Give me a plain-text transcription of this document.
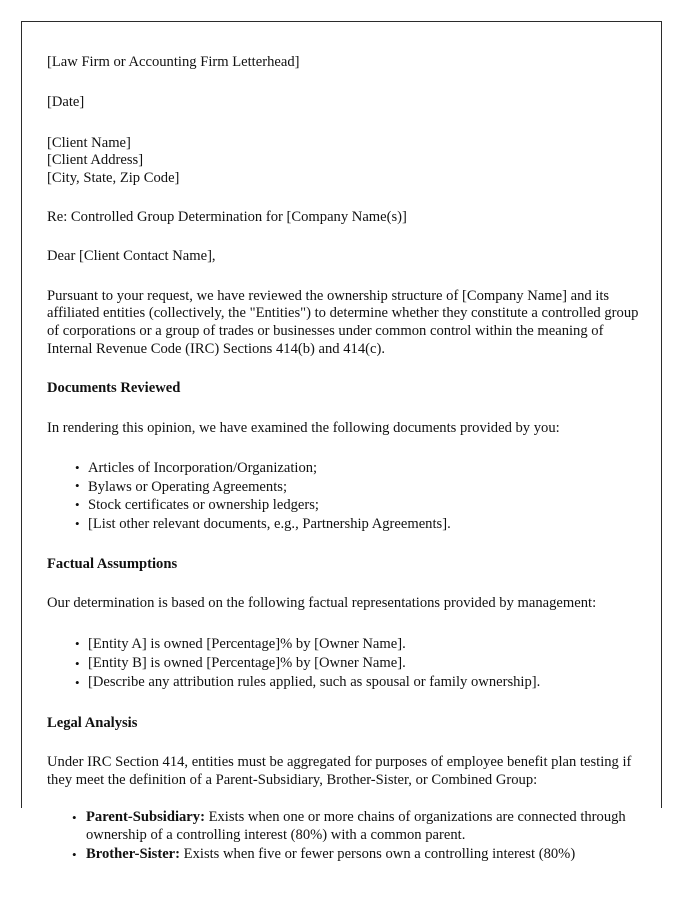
[Law Firm or Accounting Firm Letterhead]
[Date]
[Client Name]
[Client Address]
[City, State, Zip Code]
Re: Controlled Group Determination for [Company Name(s)]
Dear [Client Contact Name],

Pursuant to your request, we have reviewed the ownership structure of [Company Name] and its affiliated entities (collectively, the "Entities") to determine whether they constitute a controlled group of corporations or a group of trades or businesses under common control within the meaning of Internal Revenue Code (IRC) Sections 414(b) and 414(c).

Documents Reviewed

In rendering this opinion, we have examined the following documents provided by you:

• Articles of Incorporation/Organization;
• Bylaws or Operating Agreements;
• Stock certificates or ownership ledgers;
• [List other relevant documents, e.g., Partnership Agreements].
Factual Assumptions

Our determination is based on the following factual representations provided by management:

• [Entity A] is owned [Percentage]% by [Owner Name].
• [Entity B] is owned [Percentage]% by [Owner Name].
• [Describe any attribution rules applied, such as spousal or family ownership].
Legal Analysis

Under IRC Section 414, entities must be aggregated for purposes of employee benefit plan testing if they meet the definition of a Parent-Subsidiary, Brother-Sister, or Combined Group:

• Parent-Subsidiary: Exists when one or more chains of organizations are connected through ownership of a controlling interest (80%) with a common parent.
• Brother-Sister: Exists when five or fewer persons own a controlling interest (80%)
